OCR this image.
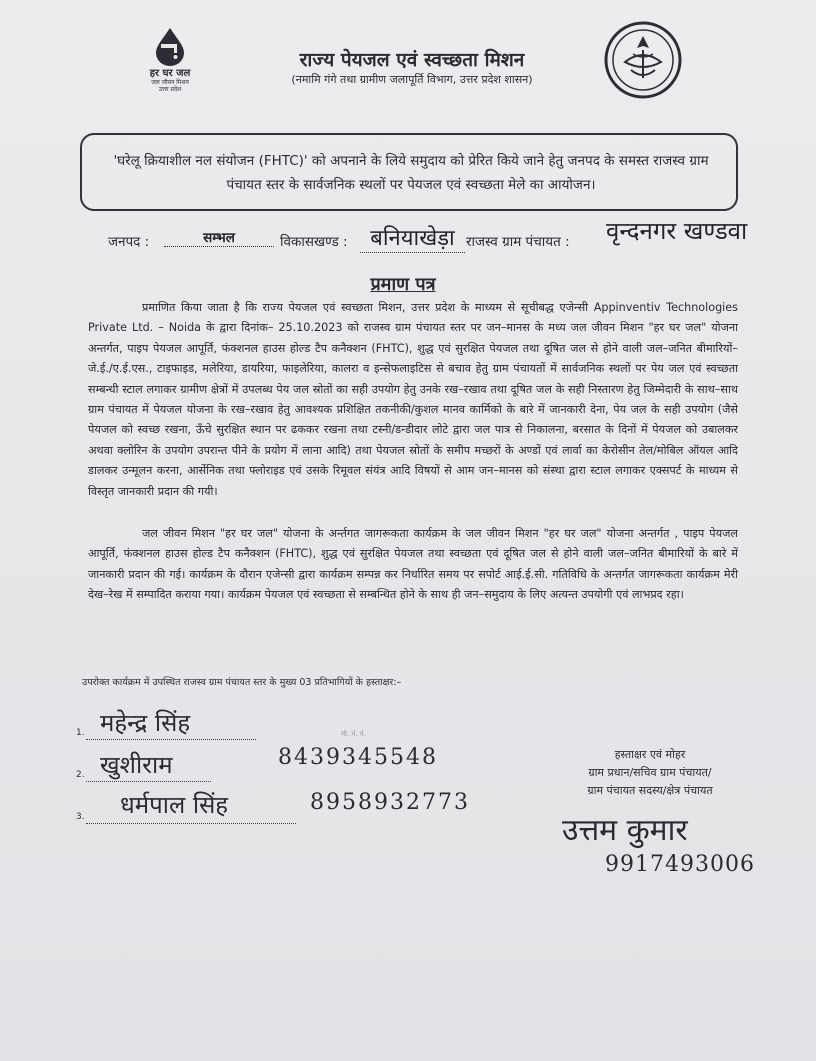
हर घर जल
जल जीवन मिशन
उत्तर प्रदेश
राज्य पेयजल एवं स्वच्छता मिशन
(नमामि गंगे तथा ग्रामीण जलापूर्ति विभाग, उत्तर प्रदेश शासन)
'घरेलू क्रियाशील नल संयोजन (FHTC)' को अपनाने के लिये समुदाय को प्रेरित किये जाने हेतु जनपद के समस्त राजस्व ग्राम पंचायत स्तर के सार्वजनिक स्थलों पर पेयजल एवं स्वच्छता मेले का आयोजन।
जनपद :	सम्भल	विकासखण्ड :	बनियाखेड़ा राजस्व ग्राम पंचायत : वृन्दनगर खण्डवा
प्रमाण पत्र
प्रमाणित किया जाता है कि राज्य पेयजल एवं स्वच्छता मिशन, उत्तर प्रदेश के माध्यम से सूचीबद्ध एजेन्सी Appinventiv Technologies Private Ltd. – Noida के द्वारा दिनांक– 25.10.2023 को राजस्व ग्राम पंचायत स्तर पर जन–मानस के मध्य जल जीवन मिशन "हर घर जल" योजना अन्तर्गत, पाइप पेयजल आपूर्ति, फंक्शनल हाउस होल्ड टैप कनैक्शन (FHTC), शुद्ध एवं सुरक्षित पेयजल तथा दूषित जल से होने वाली जल–जनित बीमारियों–जे.ई./ए.ई.एस., टाइफाइड, मलेरिया, डायरिया, फाइलेरिया, कालरा व इन्सेफलाइटिस से बचाव हेतु ग्राम पंचायतों में सार्वजनिक स्थलों पर पेय जल एवं स्वच्छता सम्बन्धी स्टाल लगाकर ग्रामीण क्षेत्रों में उपलब्ध पेय जल स्रोतों का सही उपयोग हेतु उनके रख–रखाव तथा दूषित जल के सही निस्तारण हेतु जिम्मेदारी के साथ–साथ ग्राम पंचायत में पेयजल योजना के रख–रखाव हेतु आवश्यक प्रशिक्षित तकनीकी/कुशल मानव कार्मिको के बारे में जानकारी देना, पेय जल के सही उपयोग (जैसे पेयजल को स्वच्छ रखना, ऊँचे सुरक्षित स्थान पर ढककर रखना तथा टस्नी/डन्डीदार लोटे द्वारा जल पात्र से निकालना, बरसात के दिनों में पेयजल को उबालकर अथवा क्लोरिन के उपयोग उपरान्त पीने के प्रयोग में लाना आदि) तथा पेयजल स्रोतों के समीप मच्छरों के अण्डों एवं लार्वा का केरोसीन तेल/मोबिल ऑयल आदि डालकर उन्मूलन करना, आर्सेनिक तथा फ्लोराइड एवं उसके रिमूवल संयंत्र आदि विषयों से आम जन–मानस को संस्था द्वारा स्टाल लगाकर एक्सपर्ट के माध्यम से विस्तृत जानकारी प्रदान की गयी।
जल जीवन मिशन "हर घर जल" योजना के अर्न्तगत जागरूकता कार्यक्रम के जल जीवन मिशन "हर घर जल" योजना अन्तर्गत , पाइप पेयजल आपूर्ति, फंक्शनल हाउस होल्ड टैप कनैक्शन (FHTC), शुद्ध एवं सुरक्षित पेयजल तथा स्वच्छता एवं दूषित जल से होने वाली जल–जनित बीमारियों के बारे में जानकारी प्रदान की गई। कार्यक्रम के दौरान एजेन्सी द्वारा कार्यक्रम सम्पन्न कर निर्धारित समय पर सपोर्ट आई.ई.सी. गतिविधि के अन्तर्गत जागरूकता कार्यक्रम मेरी देख–रेख में सम्पादित कराया गया। कार्यक्रम पेयजल एवं स्वच्छता से सम्बन्धित होने के साथ ही जन–समुदाय के लिए अत्यन्त उपयोगी एवं लाभप्रद रहा।
उपरोक्त कार्यक्रम में उपस्थित राजस्व ग्राम पंचायत स्तर के मुख्य 03 प्रतिभागियों के हस्ताक्षर:–
मो. नं. नं.
1. महेन्द्र सिंह
2. खुशीराम	8439345548
3. धर्मपाल सिंह	8958932773
हस्ताक्षर एवं मोहर
ग्राम प्रधान/सचिव ग्राम पंचायत/
ग्राम पंचायत सदस्य/क्षेत्र पंचायत
उत्तम कुमार
9917493006
